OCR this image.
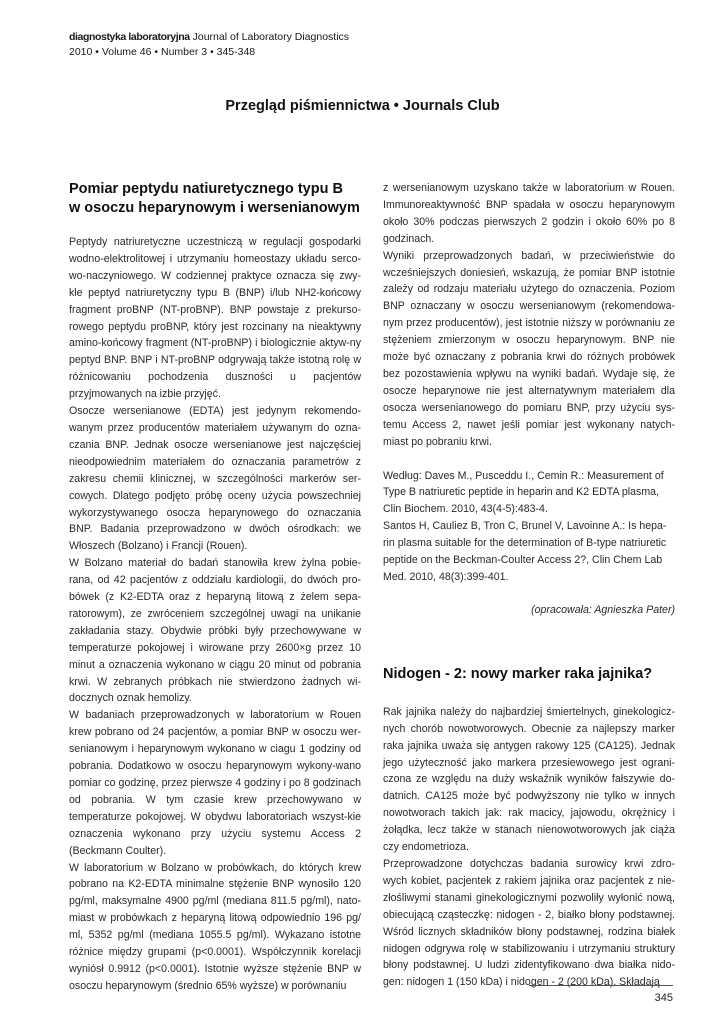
diagnostyka laboratoryjna Journal of Laboratory Diagnostics
2010 • Volume 46 • Number 3 • 345-348
Przegląd piśmiennictwa • Journals Club
Pomiar peptydu natiuretycznego typu B
w osoczu heparynowym i wersenianowym

Peptydy natriuretyczne uczestniczą w regulacji gospodarki wodno-elektrolitowej i utrzymaniu homeostazy układu serco-wo-naczyniowego. W codziennej praktyce oznacza się zwy-kle peptyd natriuretyczny typu B (BNP) i/lub NH2-końcowy fragment proBNP (NT-proBNP). BNP powstaje z prekurso-rowego peptydu proBNP, który jest rozcinany na nieaktywny amino-końcowy fragment (NT-proBNP) i biologicznie aktyw-ny peptyd BNP. BNP i NT-proBNP odgrywają także istotną rolę w różnicowaniu pochodzenia duszności u pacjentów przyjmowanych na izbie przyjęć.

Osocze wersenianowe (EDTA) jest jedynym rekomendo-wanym przez producentów materiałem używanym do ozna-czania BNP. Jednak osocze wersenianowe jest najczęściej nieodpowiednim materiałem do oznaczania parametrów z zakresu chemii klinicznej, w szczególności markerów ser-cowych. Dlatego podjęto próbę oceny użycia powszechniej wykorzystywanego osocza heparynowego do oznaczania BNP. Badania przeprowadzono w dwóch ośrodkach: we Włoszech (Bolzano) i Francji (Rouen).

W Bolzano materiał do badań stanowiła krew żylna pobie-rana, od 42 pacjentów z oddziału kardiologii, do dwóch pro-bówek (z K2-EDTA oraz z heparyną litową z żelem sepa-ratorowym), ze zwróceniem szczególnej uwagi na unikanie zakładania stazy. Obydwie próbki były przechowywane w temperaturze pokojowej i wirowane przy 2600×g przez 10 minut a oznaczenia wykonano w ciągu 20 minut od pobrania krwi. W zebranych próbkach nie stwierdzono żadnych wi-docznych oznak hemolizy.

W badaniach przeprowadzonych w laboratorium w Rouen krew pobrano od 24 pacjentów, a pomiar BNP w osoczu wer-senianowym i heparynowym wykonano w ciagu 1 godziny od pobrania. Dodatkowo w osoczu heparynowym wykony-wano pomiar co godzinę, przez pierwsze 4 godziny i po 8 godzinach od pobrania. W tym czasie krew przechowywano w temperaturze pokojowej. W obydwu laboratoriach wszyst-kie oznaczenia wykonano przy użyciu systemu Access 2 (Beckmann Coulter).

W laboratorium w Bolzano w probówkach, do których krew pobrano na K2-EDTA minimalne stężenie BNP wynosiło 120 pg/ml, maksymalne 4900 pg/ml (mediana 811.5 pg/ml), nato-miast w probówkach z heparyną litową odpowiednio 196 pg/ ml, 5352 pg/ml (mediana 1055.5 pg/ml). Wykazano istotne różnice między grupami (p<0.0001). Współczynnik korelacji wyniósł 0.9912 (p<0.0001). Istotnie wyższe stężenie BNP w osoczu heparynowym (średnio 65% wyższe) w porównaniu

z wersenianowym uzyskano także w laboratorium w Rouen. Immunoreaktywność BNP spadała w osoczu heparynowym około 30% podczas pierwszych 2 godzin i około 60% po 8 godzinach.

Wyniki przeprowadzonych badań, w przeciwieństwie do wcześniejszych doniesień, wskazują, że pomiar BNP istotnie zależy od rodzaju materiału użytego do oznaczenia. Poziom BNP oznaczany w osoczu wersenianowym (rekomendowa-nym przez producentów), jest istotnie niższy w porównaniu ze stężeniem zmierzonym w osoczu heparynowym. BNP nie może być oznaczany z pobrania krwi do różnych probówek bez pozostawienia wpływu na wyniki badań. Wydaje się, że osocze heparynowe nie jest alternatywnym materiałem dla osocza wersenianowego do pomiaru BNP, przy użyciu sys-temu Access 2, nawet jeśli pomiar jest wykonany natych-miast po pobraniu krwi.

Według: Daves M., Pusceddu I., Cemin R.: Measurement of Type B natriuretic peptide in heparin and K2 EDTA plasma, Clin Biochem. 2010, 43(4-5):483-4.

Santos H, Cauliez B, Tron C, Brunel V, Lavoinne A.: Is hepa-rin plasma suitable for the determination of B-type natriuretic peptide on the Beckman-Coulter Access 2?, Clin Chem Lab Med. 2010, 48(3):399-401.

(opracowała: Agnieszka Pater)

Nidogen - 2: nowy marker raka jajnika?

Rak jajnika należy do najbardziej śmiertelnych, ginekologicz-nych chorób nowotworowych. Obecnie za najlepszy marker raka jajnika uważa się antygen rakowy 125 (CA125). Jednak jego użyteczność jako markera przesiewowego jest ograni-czona ze względu na duży wskaźnik wyników fałszywie do-datnich. CA125 może być podwyższony nie tylko w innych nowotworach takich jak: rak macicy, jajowodu, okrężnicy i żołądka, lecz także w stanach nienowotworowych jak ciąża czy endometrioza.

Przeprowadzone dotychczas badania surowicy krwi zdro-wych kobiet, pacjentek z rakiem jajnika oraz pacjentek z nie-złośliwymi stanami ginekologicznymi pozwoliły wyłonić nową, obiecującą cząsteczkę: nidogen - 2, białko błony podstawnej. Wśród licznych składników błony podstawnej, rodzina białek nidogen odgrywa rolę w stabilizowaniu i utrzymaniu struktury błony podstawnej. U ludzi zidentyfikowano dwa białka nido-gen: nidogen 1 (150 kDa) i nidogen - 2 (200 kDa). Składają

345
